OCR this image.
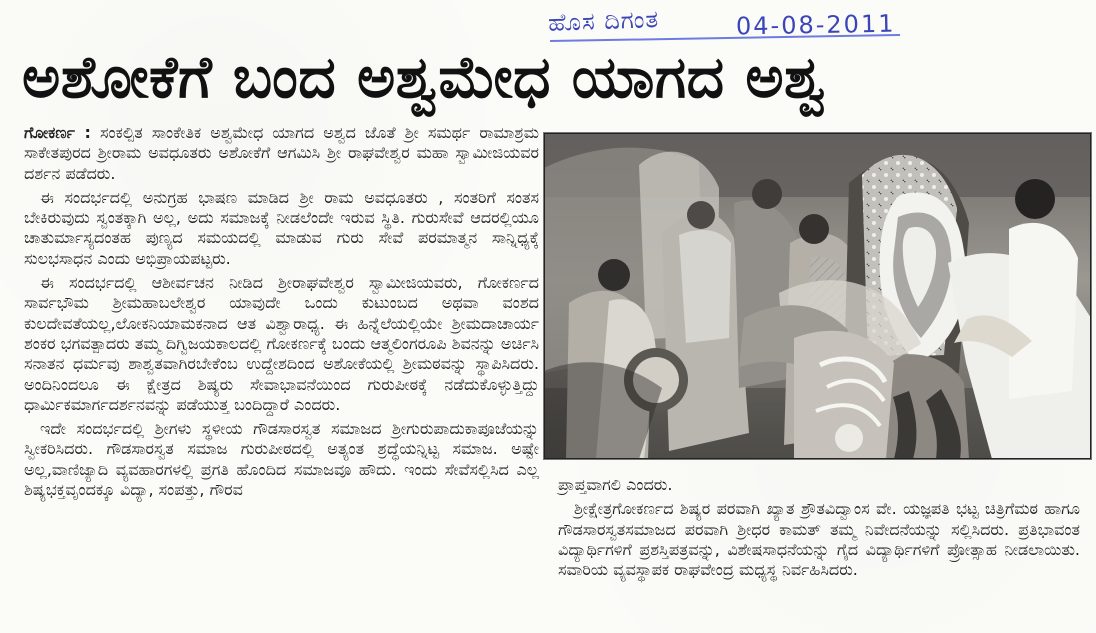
ಹೊಸ ದಿಗಂತ	04-08-2011
ಅಶೋಕೆಗೆ ಬಂದ ಅಶ್ವಮೇಧ ಯಾಗದ ಅಶ್ವ

ಗೋಕರ್ಣ : ಸಂಕಲ್ಪಿತ ಸಾಂಕೇತಿಕ ಅಶ್ವಮೇಧ ಯಾಗದ ಅಶ್ವದ ಜೊತೆ ಶ್ರೀ ಸಮರ್ಥ ರಾಮಾಶ್ರಮ ಸಾಕೇತಪುರದ ಶ್ರೀರಾಮ ಅವಧೂತರು ಅಶೋಕೆಗೆ ಆಗಮಿಸಿ ಶ್ರೀ ರಾಘವೇಶ್ವರ ಮಹಾ ಸ್ವಾಮೀಜಿಯವರ ದರ್ಶನ ಪಡೆದರು.

ಈ ಸಂದರ್ಭದಲ್ಲಿ ಅನುಗ್ರಹ ಭಾಷಣ ಮಾಡಿದ ಶ್ರೀ ರಾಮ ಅವಧೂತರು , ಸಂತರಿಗೆ ಸಂತಸ ಬೇಕಿರುವುದು ಸ್ವಂತಕ್ಕಾಗಿ ಅಲ್ಲ, ಅದು ಸಮಾಜಕ್ಕೆ ನೀಡಲೆಂದೇ ಇರುವ ಸ್ಥಿತಿ. ಗುರುಸೇವೆ ಆದರಲ್ಲಿಯೂ ಚಾತುರ್ಮಾಸ್ಯದಂತಹ ಪುಣ್ಯದ ಸಮಯದಲ್ಲಿ ಮಾಡುವ ಗುರು ಸೇವೆ ಪರಮಾತ್ಮನ ಸಾನ್ನಿಧ್ಯಕ್ಕೆ ಸುಲಭಸಾಧನ ಎಂದು ಅಭಿಪ್ರಾಯಪಟ್ಟರು.

ಈ ಸಂದರ್ಭದಲ್ಲಿ ಆಶೀರ್ವಚನ ನೀಡಿದ ಶ್ರೀರಾಘವೇಶ್ವರ ಸ್ವಾಮೀಜಿಯವರು, ಗೋಕರ್ಣದ ಸಾರ್ವಭೌಮ ಶ್ರೀಮಹಾಬಲೇಶ್ವರ ಯಾವುದೇ ಒಂದು ಕುಟುಂಬದ ಅಥವಾ ವಂಶದ ಕುಲದೇವತೆಯಲ್ಲ,ಲೋಕನಿಯಾಮಕನಾದ ಆತ ವಿಶ್ವಾರಾಧ್ಯ. ಈ ಹಿನ್ನೆಲೆಯಲ್ಲಿಯೇ ಶ್ರೀಮದಾಚಾರ್ಯ ಶಂಕರ ಭಗವತ್ಪಾದರು ತಮ್ಮ ದಿಗ್ವಿಜಯಕಾಲದಲ್ಲಿ ಗೋಕರ್ಣಕ್ಕೆ ಬಂದು ಆತ್ಮಲಿಂಗರೂಪಿ ಶಿವನನ್ನು ಅರ್ಚಿಸಿ ಸನಾತನ ಧರ್ಮವು ಶಾಶ್ವತವಾಗಿರಬೇಕೆಂಬ ಉದ್ದೇಶದಿಂದ ಅಶೋಕೆಯಲ್ಲಿ ಶ್ರೀಮಠವನ್ನು ಸ್ಥಾಪಿಸಿದರು. ಅಂದಿನಿಂದಲೂ ಈ ಕ್ಷೇತ್ರದ ಶಿಷ್ಯರು ಸೇವಾಭಾವನೆಯಿಂದ ಗುರುಪೀಠಕ್ಕೆ ನಡೆದುಕೊಳ್ಳುತ್ತಿದ್ದು ಧಾರ್ಮಿಕಮಾರ್ಗದರ್ಶನವನ್ನು ಪಡೆಯುತ್ತ ಬಂದಿದ್ದಾರೆ ಎಂದರು.

ಇದೇ ಸಂದರ್ಭದಲ್ಲಿ ಶ್ರೀಗಳು ಸ್ಥಳೀಯ ಗೌಡಸಾರಸ್ವತ ಸಮಾಜದ ಶ್ರೀಗುರುಪಾದುಕಾಪೂಜೆಯನ್ನು ಸ್ವೀಕರಿಸಿದರು. ಗೌಡಸಾರಸ್ವತ ಸಮಾಜ ಗುರುಪೀಠದಲ್ಲಿ ಅತ್ಯಂತ ಶ್ರದ್ಧೆಯನ್ನಿಟ್ಟ ಸಮಾಜ. ಅಷ್ಟೇ ಅಲ್ಲ,ವಾಣಿಜ್ಯಾದಿ ವ್ಯವಹಾರಗಳಲ್ಲಿ ಪ್ರಗತಿ ಹೊಂದಿದ ಸಮಾಜವೂ ಹೌದು. ಇಂದು ಸೇವೆಸಲ್ಲಿಸಿದ ಎಲ್ಲ ಶಿಷ್ಯಭಕ್ತವೃಂದಕ್ಕೂ ವಿದ್ಯಾ, ಸಂಪತ್ತು, ಗೌರವ	ಪ್ರಾಪ್ತವಾಗಲಿ ಎಂದರು.

ಶ್ರೀಕ್ಷೇತ್ರಗೋಕರ್ಣದ ಶಿಷ್ಯರ ಪರವಾಗಿ ಖ್ಯಾತ ಶ್ರೌತವಿದ್ವಾಂಸ ವೇ. ಯಜ್ಞಪತಿ ಭಟ್ಟ ಚಿತ್ರಿಗೆಮಠ ಹಾಗೂ ಗೌಡಸಾರಸ್ವತಸಮಾಜದ ಪರವಾಗಿ ಶ್ರೀಧರ ಕಾಮತ್ ತಮ್ಮ ನಿವೇದನೆಯನ್ನು ಸಲ್ಲಿಸಿದರು. ಪ್ರತಿಭಾವಂತ ವಿದ್ಯಾರ್ಥಿಗಳಿಗೆ ಪ್ರಶಸ್ತಿಪತ್ರವನ್ನು, ವಿಶೇಷಸಾಧನೆಯನ್ನು ಗೈದ ವಿದ್ಯಾರ್ಥಿಗಳಿಗೆ ಪ್ರೋತ್ಸಾಹ ನೀಡಲಾಯಿತು. ಸವಾರಿಯ ವ್ಯವಸ್ಥಾಪಕ ರಾಘವೇಂದ್ರ ಮಧ್ಯಸ್ಥ ನಿರ್ವಹಿಸಿದರು.
